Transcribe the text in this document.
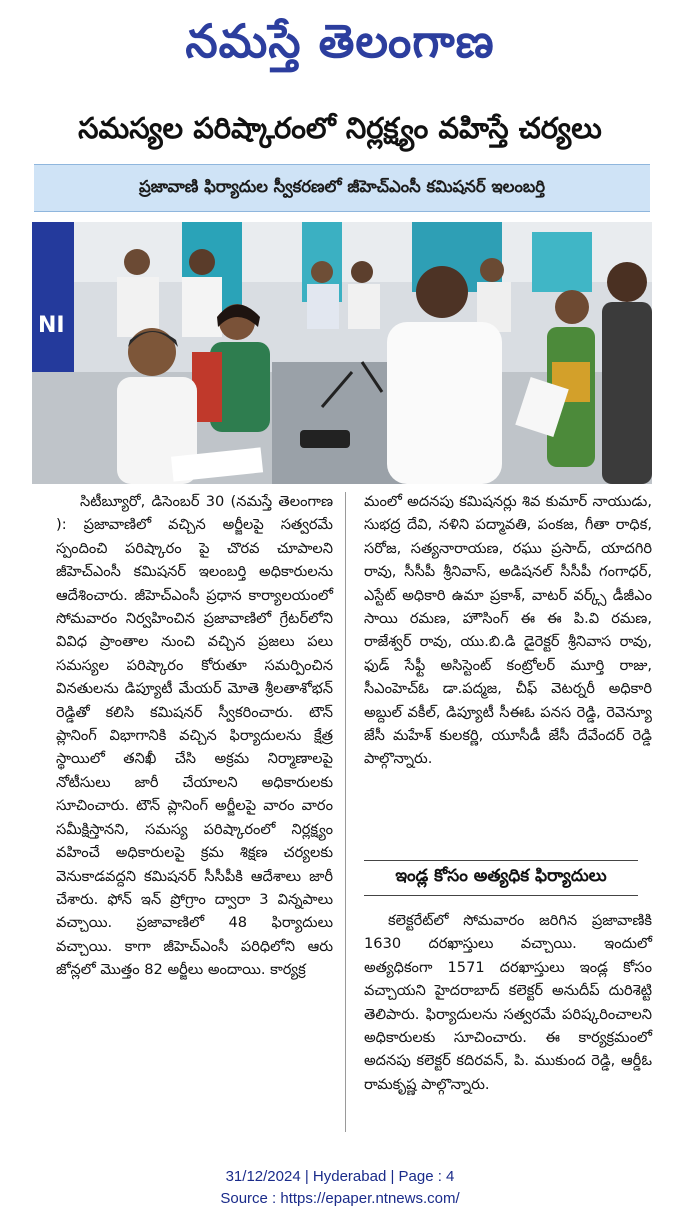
నమస్తే తెలంగాణ
సమస్యల పరిష్కారంలో నిర్లక్ష్యం వహిస్తే చర్యలు
ప్రజావాణి ఫిర్యాదుల స్వీకరణలో జీహెచ్ఎంసీ కమిషనర్ ఇలంబర్తి
NI

సిటీబ్యూరో, డిసెంబర్ 30 (నమస్తే తెలంగాణ ): ప్రజావాణిలో వచ్చిన అర్జీలపై సత్వరమే స్పందించి పరిష్కారం పై చొరవ చూపాలని జీహెచ్ఎంసీ కమిషనర్ ఇలంబర్తి అధికారులను ఆదేశించారు. జీహెచ్ఎంసీ ప్రధాన కార్యాలయంలో సోమవారం నిర్వహించిన ప్రజావాణిలో గ్రేటర్‌లోని వివిధ ప్రాంతాల నుంచి వచ్చిన ప్రజలు పలు సమస్యల పరిష్కారం కోరుతూ సమర్పించిన వినతులను డిప్యూటీ మేయర్ మోతె శ్రీలతాశోభన్ రెడ్డితో కలిసి కమిషనర్ స్వీకరించారు. టౌన్ ప్లానింగ్ విభాగానికి వచ్చిన ఫిర్యాదులను క్షేత్ర స్థాయిలో తనిఖీ చేసి అక్రమ నిర్మాణాలపై నోటీసులు జారీ చేయాలని అధికారులకు సూచించారు. టౌన్ ప్లానింగ్ అర్జీలపై వారం వారం సమీక్షిస్తానని, సమస్య పరిష్కారంలో నిర్లక్ష్యం వహించే అధికారులపై క్రమ శిక్షణ చర్యలకు వెనుకాడవద్దని కమిషనర్ సీసీపీకి ఆదేశాలు జారీ చేశారు. ఫోన్ ఇన్ ప్రోగ్రాం ద్వారా 3 విన్నపాలు వచ్చాయి. ప్రజావాణిలో 48 ఫిర్యాదులు వచ్చాయి. కాగా జీహెచ్ఎంసీ పరిధిలోని ఆరు జోన్లలో మొత్తం 82 అర్జీలు అందాయి. కార్యక్ర

మంలో అదనపు కమిషనర్లు శివ కుమార్ నాయుడు, సుభద్ర దేవి, నళిని పద్మావతి, పంకజ, గీతా రాధిక, సరోజ, సత్యనారాయణ, రఘు ప్రసాద్, యాదగిరి రావు, సీసీపీ శ్రీనివాస్, అడిషనల్ సీసీపీ గంగాధర్, ఎస్టేట్ అధికారి ఉమా ప్రకాశ్, వాటర్ వర్క్స్ డీజీఎం సాయి రమణ, హౌసింగ్ ఈ ఈ పి.వి రమణ, రాజేశ్వర్ రావు, యు.బి.డి డైరెక్టర్ శ్రీనివాస రావు, ఫుడ్ సేఫ్టీ అసిస్టెంట్ కంట్రోలర్ మూర్తి రాజు, సీఎంహెచ్ఓ డా.పద్మజ, చీఫ్ వెటర్నరీ అధికారి అబ్దుల్ వకీల్, డిప్యూటీ సీఈఓ పనస రెడ్డి, రెవెన్యూ జేసీ మహేశ్ కులకర్ణి, యూసీడీ జేసీ దేవేందర్ రెడ్డి పాల్గొన్నారు.

ఇండ్ల కోసం అత్యధిక ఫిర్యాదులు

కలెక్టరేట్‌లో సోమవారం జరిగిన ప్రజావాణికి 1630 దరఖాస్తులు వచ్చాయి. ఇందులో అత్యధికంగా 1571 దరఖాస్తులు ఇండ్ల కోసం వచ్చాయని హైదరాబాద్ కలెక్టర్ అనుదీప్ దురిశెట్టి తెలిపారు. ఫిర్యాదులను సత్వరమే పరిష్కరించాలని అధికారులకు సూచించారు. ఈ కార్యక్రమంలో అదనపు కలెక్టర్ కదిరవన్, పి. ముకుంద రెడ్డి, ఆర్డీఓ రామకృష్ణ పాల్గొన్నారు.

31/12/2024 | Hyderabad | Page : 4
Source : https://epaper.ntnews.com/
